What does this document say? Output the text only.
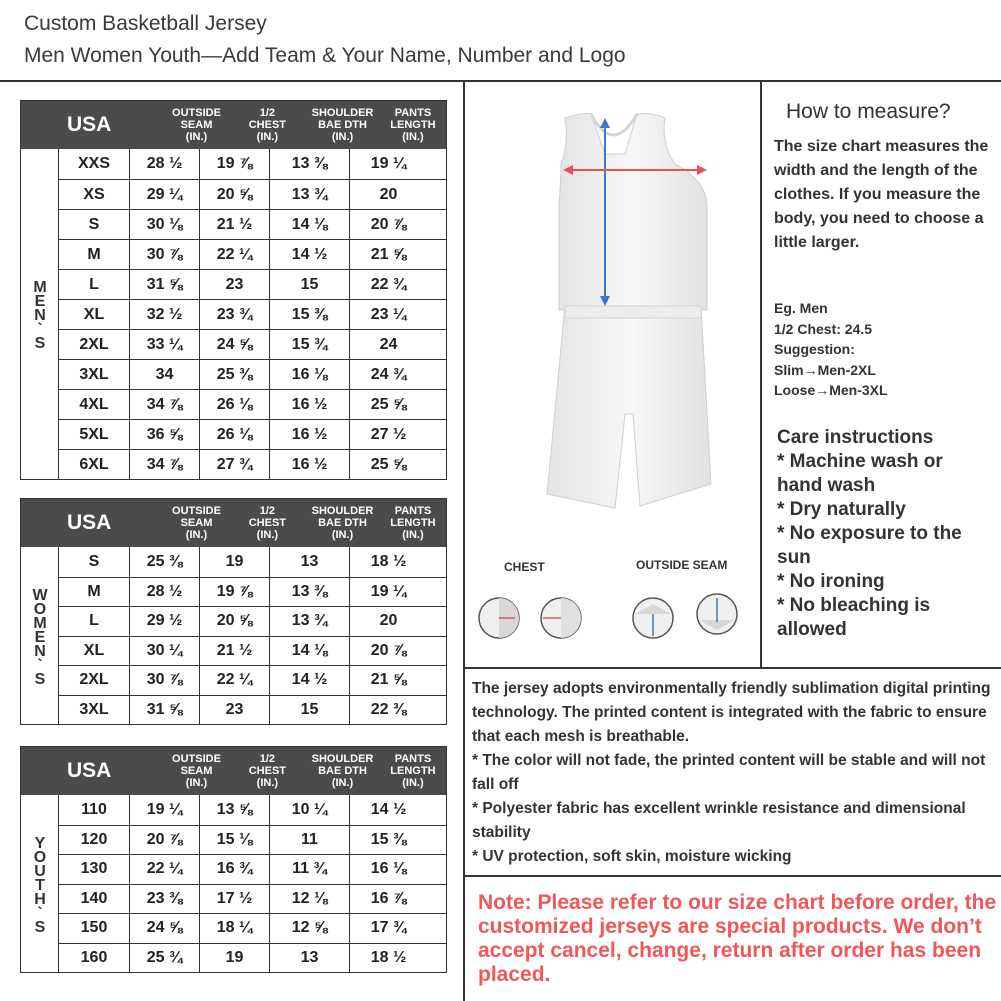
Custom Basketball Jersey
Men Women Youth—Add Team & Your Name, Number and Logo
USA	OUTSIDE
SEAM
(IN.)
1/2
CHEST
(IN.)
SHOULDER
BAE DTH
(IN.)
PANTS
LENGTH
(IN.)
MEN`S
XXS	28 ½	19 ⅞	13 ⅜	19 ¼
XS	29 ¼	20 ⅝	13 ¾	20
S	30 ⅛	21 ½	14 ⅛	20 ⅞
M	30 ⅞	22 ¼	14 ½	21 ⅝
L	31 ⅝	23	15	22 ¾
XL	32 ½	23 ¾	15 ⅜	23 ¼
2XL	33 ¼	24 ⅝	15 ¾	24
3XL	34	25 ⅜	16 ⅛	24 ¾
4XL	34 ⅞	26 ⅛	16 ½	25 ⅝
5XL	36 ⅝	26 ⅛	16 ½	27 ½
6XL	34 ⅞	27 ¾	16 ½	25 ⅝
USA	OUTSIDE
SEAM
(IN.)
1/2
CHEST
(IN.)
SHOULDER
BAE DTH
(IN.)
PANTS
LENGTH
(IN.)
WOMEN`S
S	25 ⅜	19	13	18 ½
M	28 ½	19 ⅞	13 ⅜	19 ¼
L	29 ½	20 ⅝	13 ¾	20
XL	30 ¼	21 ½	14 ⅛	20 ⅞
2XL	30 ⅞	22 ¼	14 ½	21 ⅝
3XL	31 ⅝	23	15	22 ⅜
USA	OUTSIDE
SEAM
(IN.)
1/2
CHEST
(IN.)
SHOULDER
BAE DTH
(IN.)
PANTS
LENGTH
(IN.)
YOUTH`S
110	19 ¼	13 ⅝	10 ¼	14 ½
120	20 ⅞	15 ⅛	11	15 ⅜
130	22 ¼	16 ¾	11 ¾	16 ⅛
140	23 ⅜	17 ½	12 ⅛	16 ⅞
150	24 ⅝	18 ¼	12 ⅝	17 ¾
160	25 ¾	19	13	18 ½
CHEST	OUTSIDE SEAM
How to measure?
The size chart measures the width and the length of the clothes. If you measure the body, you need to choose a little larger.
Eg. Men
1/2 Chest: 24.5
Suggestion:
Slim→Men-2XL
Loose→Men-3XL
Care instructions
* Machine wash or hand wash
* Dry naturally
* No exposure to the sun
* No ironing
* No bleaching is allowed
The jersey adopts environmentally friendly sublimation digital printing technology. The printed content is integrated with the fabric to ensure that each mesh is breathable.
* The color will not fade, the printed content will be stable and will not fall off
* Polyester fabric has excellent wrinkle resistance and dimensional stability
* UV protection, soft skin, moisture wicking
Note: Please refer to our size chart before order, the customized jerseys are special products. We don’t accept cancel, change, return after order has been placed.
